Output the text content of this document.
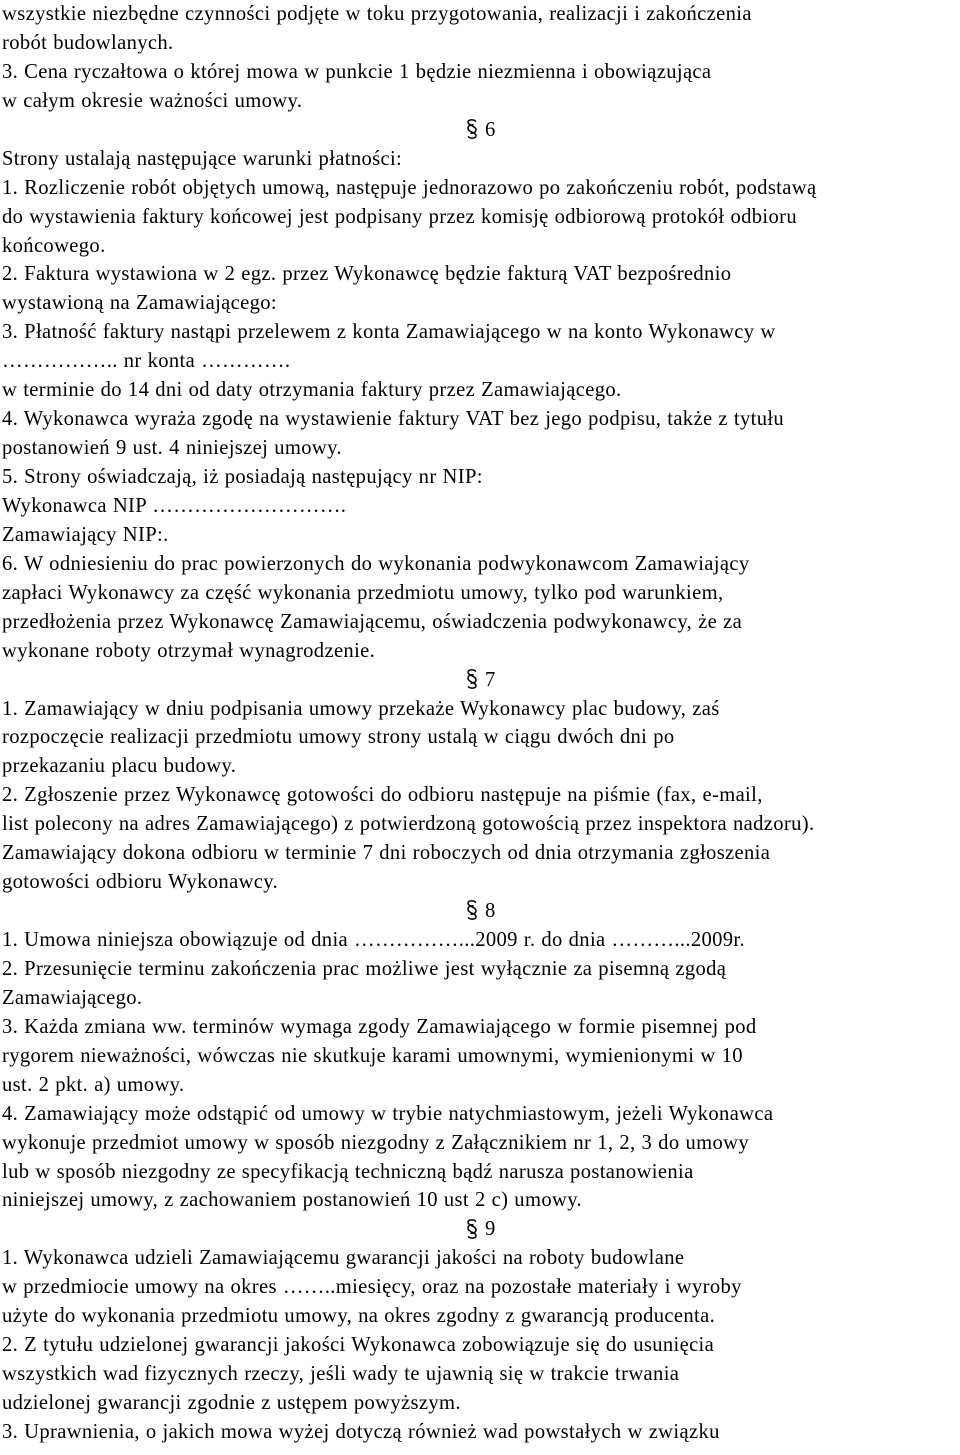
wszystkie niezbędne czynności podjęte w toku przygotowania, realizacji i zakończenia
robót budowlanych.
3. Cena ryczałtowa o której mowa w punkcie 1 będzie niezmienna i obowiązująca
w całym okresie ważności umowy.
6
Strony ustalają następujące warunki płatności:
1. Rozliczenie robót objętych umową, następuje jednorazowo po zakończeniu robót, podstawą
do wystawienia faktury końcowej jest podpisany przez komisję odbiorową protokół odbioru
końcowego.
2. Faktura wystawiona w 2 egz. przez Wykonawcę będzie fakturą VAT bezpośrednio
wystawioną na Zamawiającego:
3. Płatność faktury nastąpi przelewem z konta Zamawiającego w na konto Wykonawcy w
…………….. nr konta ………….
w terminie do 14 dni od daty otrzymania faktury przez Zamawiającego.
4. Wykonawca wyraża zgodę na wystawienie faktury VAT bez jego podpisu, także z tytułu
postanowień 9 ust. 4 niniejszej umowy.
5. Strony oświadczają, iż posiadają następujący nr NIP:
Wykonawca NIP ……………………….
Zamawiający NIP:.
6. W odniesieniu do prac powierzonych do wykonania podwykonawcom Zamawiający
zapłaci Wykonawcy za część wykonania przedmiotu umowy, tylko pod warunkiem,
przedłożenia przez Wykonawcę Zamawiającemu, oświadczenia podwykonawcy, że za
wykonane roboty otrzymał wynagrodzenie.
7
1. Zamawiający w dniu podpisania umowy przekaże Wykonawcy plac budowy, zaś
rozpoczęcie realizacji przedmiotu umowy strony ustalą w ciągu dwóch dni po
przekazaniu placu budowy.
2. Zgłoszenie przez Wykonawcę gotowości do odbioru następuje na piśmie (fax, e-mail,
list polecony na adres Zamawiającego) z potwierdzoną gotowością przez inspektora nadzoru).
Zamawiający dokona odbioru w terminie 7 dni roboczych od dnia otrzymania zgłoszenia
gotowości odbioru Wykonawcy.
8
1. Umowa niniejsza obowiązuje od dnia ……………...2009 r. do dnia ………...2009r.
2. Przesunięcie terminu zakończenia prac możliwe jest wyłącznie za pisemną zgodą
Zamawiającego.
3. Każda zmiana ww. terminów wymaga zgody Zamawiającego w formie pisemnej pod
rygorem nieważności, wówczas nie skutkuje karami umownymi, wymienionymi w 10
ust. 2 pkt. a) umowy.
4. Zamawiający może odstąpić od umowy w trybie natychmiastowym, jeżeli Wykonawca
wykonuje przedmiot umowy w sposób niezgodny z Załącznikiem nr 1, 2, 3 do umowy
lub w sposób niezgodny ze specyfikacją techniczną bądź narusza postanowienia
niniejszej umowy, z zachowaniem postanowień 10 ust 2 c) umowy.
9
1. Wykonawca udzieli Zamawiającemu gwarancji jakości na roboty budowlane
w przedmiocie umowy na okres ……..miesięcy, oraz na pozostałe materiały i wyroby
użyte do wykonania przedmiotu umowy, na okres zgodny z gwarancją producenta.
2. Z tytułu udzielonej gwarancji jakości Wykonawca zobowiązuje się do usunięcia
wszystkich wad fizycznych rzeczy, jeśli wady te ujawnią się w trakcie trwania
udzielonej gwarancji zgodnie z ustępem powyższym.
3. Uprawnienia, o jakich mowa wyżej dotyczą również wad powstałych w związku
